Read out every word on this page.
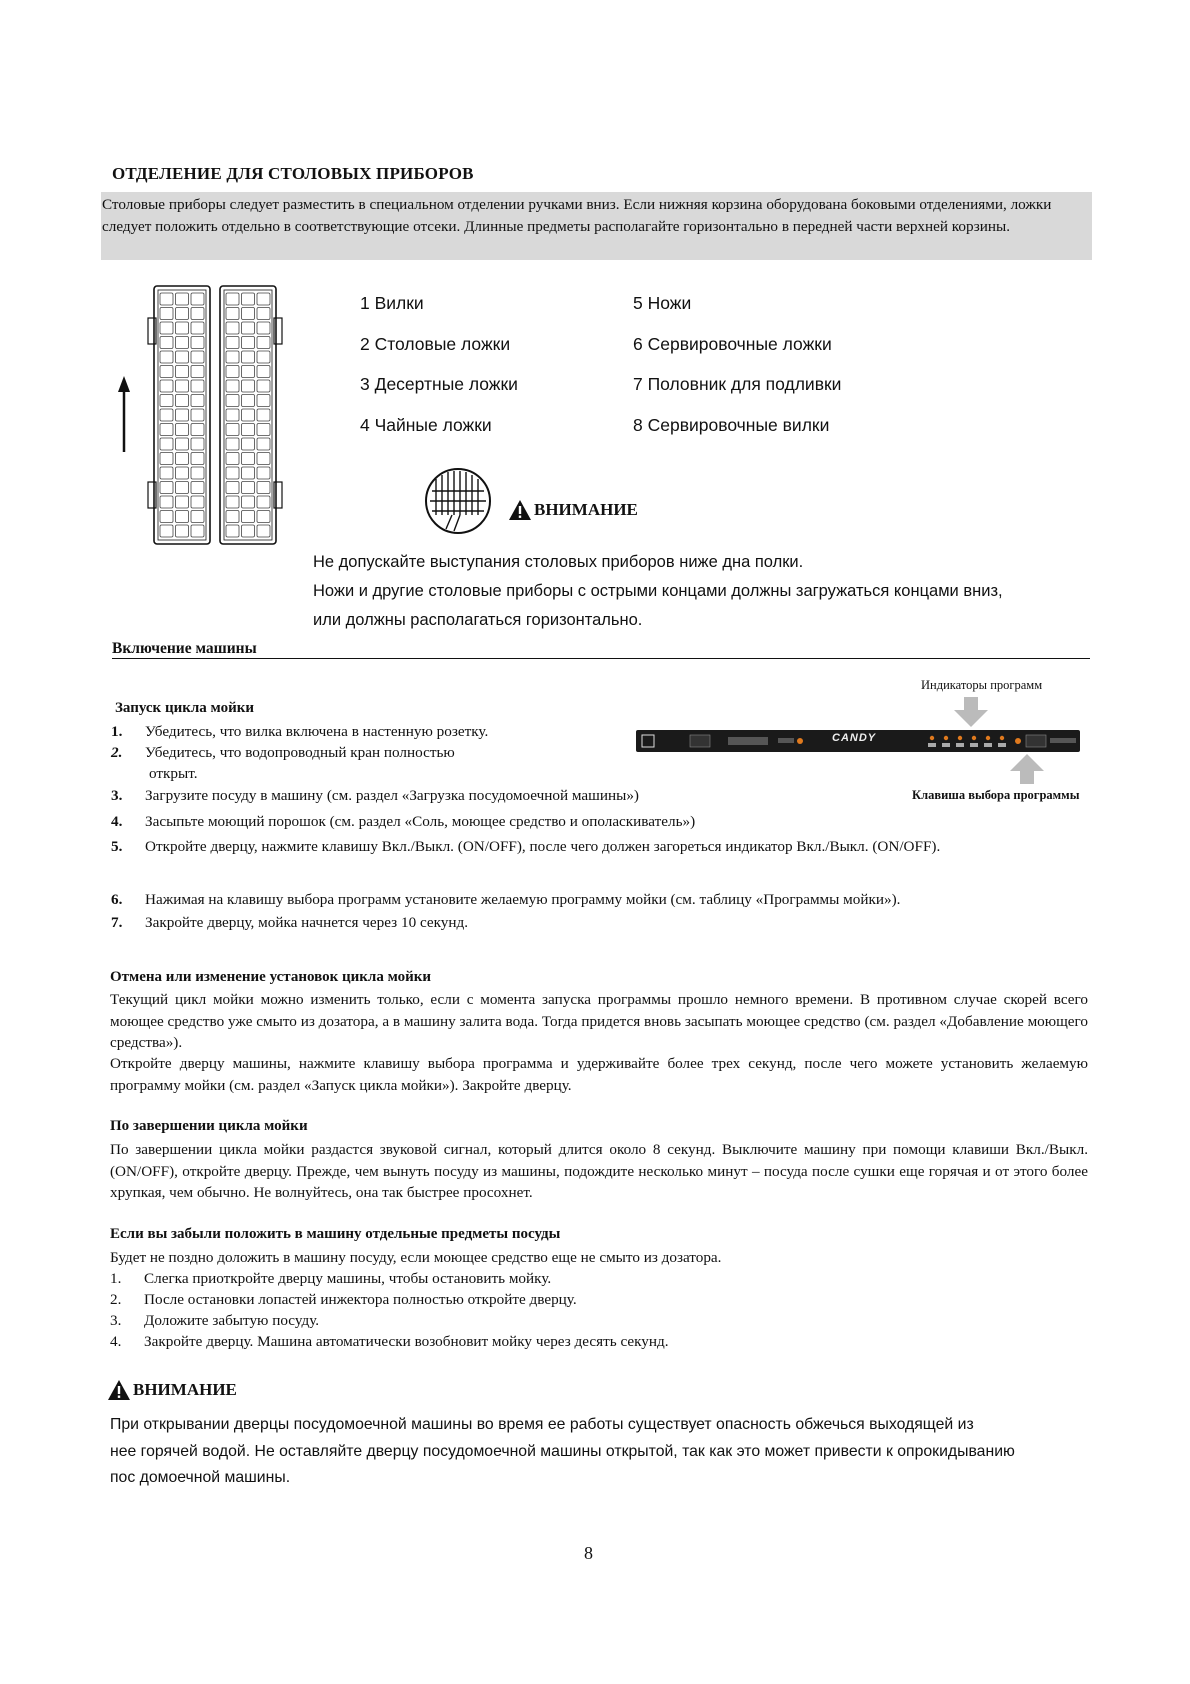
ОТДЕЛЕНИЕ ДЛЯ СТОЛОВЫХ ПРИБОРОВ

Столовые приборы следует разместить в специальном отделении ручками вниз. Если нижняя корзина оборудована боковыми отделениями, ложки следует положить отдельно в соответствующие отсеки. Длинные предметы располагайте горизонтально в передней части верхней корзины.

1 Вилки
2 Столовые ложки
3 Десертные ложки
4 Чайные ложки
5 Ножи
6 Сервировочные ложки
7 Половник для подливки
8 Сервировочные вилки
ВНИМАНИЕ
Не допускайте выступания столовых приборов ниже дна полки.
Ножи и другие столовые приборы с острыми концами должны загружаться концами вниз,
или должны располагаться горизонтально.
Включение машины
Индикаторы программ
Запуск цикла мойки
1. Убедитесь, что вилка включена в настенную розетку.
2. Убедитесь, что водопроводный кран полностью
открыт.
CANDY
Клавиша выбора программы
3. Загрузите посуду в машину (см. раздел «Загрузка посудомоечной машины»)
4. Засыпьте моющий порошок (см. раздел «Соль, моющее средство и ополаскиватель»)
5.	Откройте дверцу, нажмите клавишу Вкл./Выкл. (ON/OFF), после чего должен загореться индикатор Вкл./Выкл. (ON/OFF).
6. Нажимая на клавишу выбора программ установите желаемую программу мойки (см. таблицу «Программы мойки»).
7. Закройте дверцу, мойка начнется через 10 секунд.
Отмена или изменение установок цикла мойки
Текущий цикл мойки можно изменить только, если с момента запуска программы прошло немного времени. В противном случае скорей всего моющее средство уже смыто из дозатора, а в машину залита вода. Тогда придется вновь засыпать моющее средство (см. раздел «Добавление моющего средства»).
Откройте дверцу машины, нажмите клавишу выбора программа и удерживайте более трех секунд, после чего можете установить желаемую программу мойки (см. раздел «Запуск цикла мойки»). Закройте дверцу.
По завершении цикла мойки
По завершении цикла мойки раздастся звуковой сигнал, который длится около 8 секунд. Выключите машину при помощи клавиши Вкл./Выкл. (ON/OFF), откройте дверцу. Прежде, чем вынуть посуду из машины, подождите несколько минут – посуда после сушки еще горячая и от этого более хрупкая, чем обычно. Не волнуйтесь, она так быстрее просохнет.
Если вы забыли положить в машину отдельные предметы посуды
Будет не поздно доложить в машину посуду, если моющее средство еще не смыто из дозатора.
1. Слегка приоткройте дверцу машины, чтобы остановить мойку.
2. После остановки лопастей инжектора полностью откройте дверцу.
3. Доложите забытую посуду.
4. Закройте дверцу. Машина автоматически возобновит мойку через десять секунд.
ВНИМАНИЕ
При открывании дверцы посудомоечной машины во время ее работы существует опасность обжечься выходящей из
нее горячей водой. Не оставляйте дверцу посудомоечной машины открытой, так как это может привести к опрокидыванию
пос домоечной машины.
8
